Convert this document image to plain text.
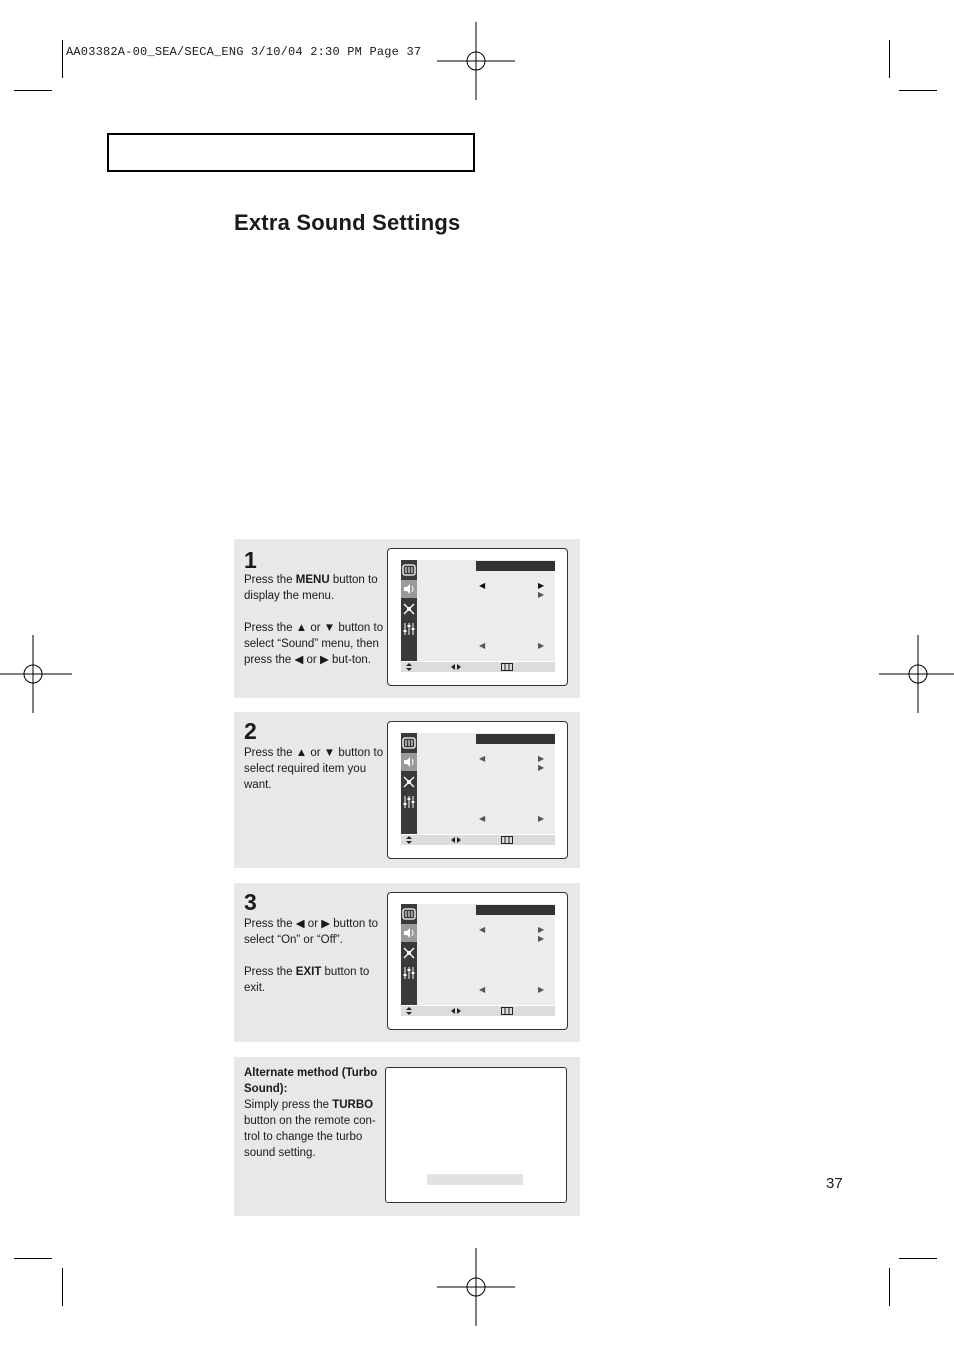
AA03382A-00_SEA/SECA_ENG 3/10/04 2:30 PM Page 37
Extra Sound Settings
1

Press the MENU button to display the menu.

Press the ▲ or ▼ button to select “Sound” menu, then press the ◀ or ▶ but-ton.

◀	▶
▶
◀	▶
2

Press the ▲ or ▼ button to select required item you want.

◀	▶
▶
◀	▶
3

Press the ◀ or ▶ button to select “On” or “Off”.

Press the EXIT button to exit.

◀	▶
▶
◀	▶
Alternate method (Turbo Sound):
Simply press the TURBO button on the remote con-trol to change the turbo sound setting.
37
